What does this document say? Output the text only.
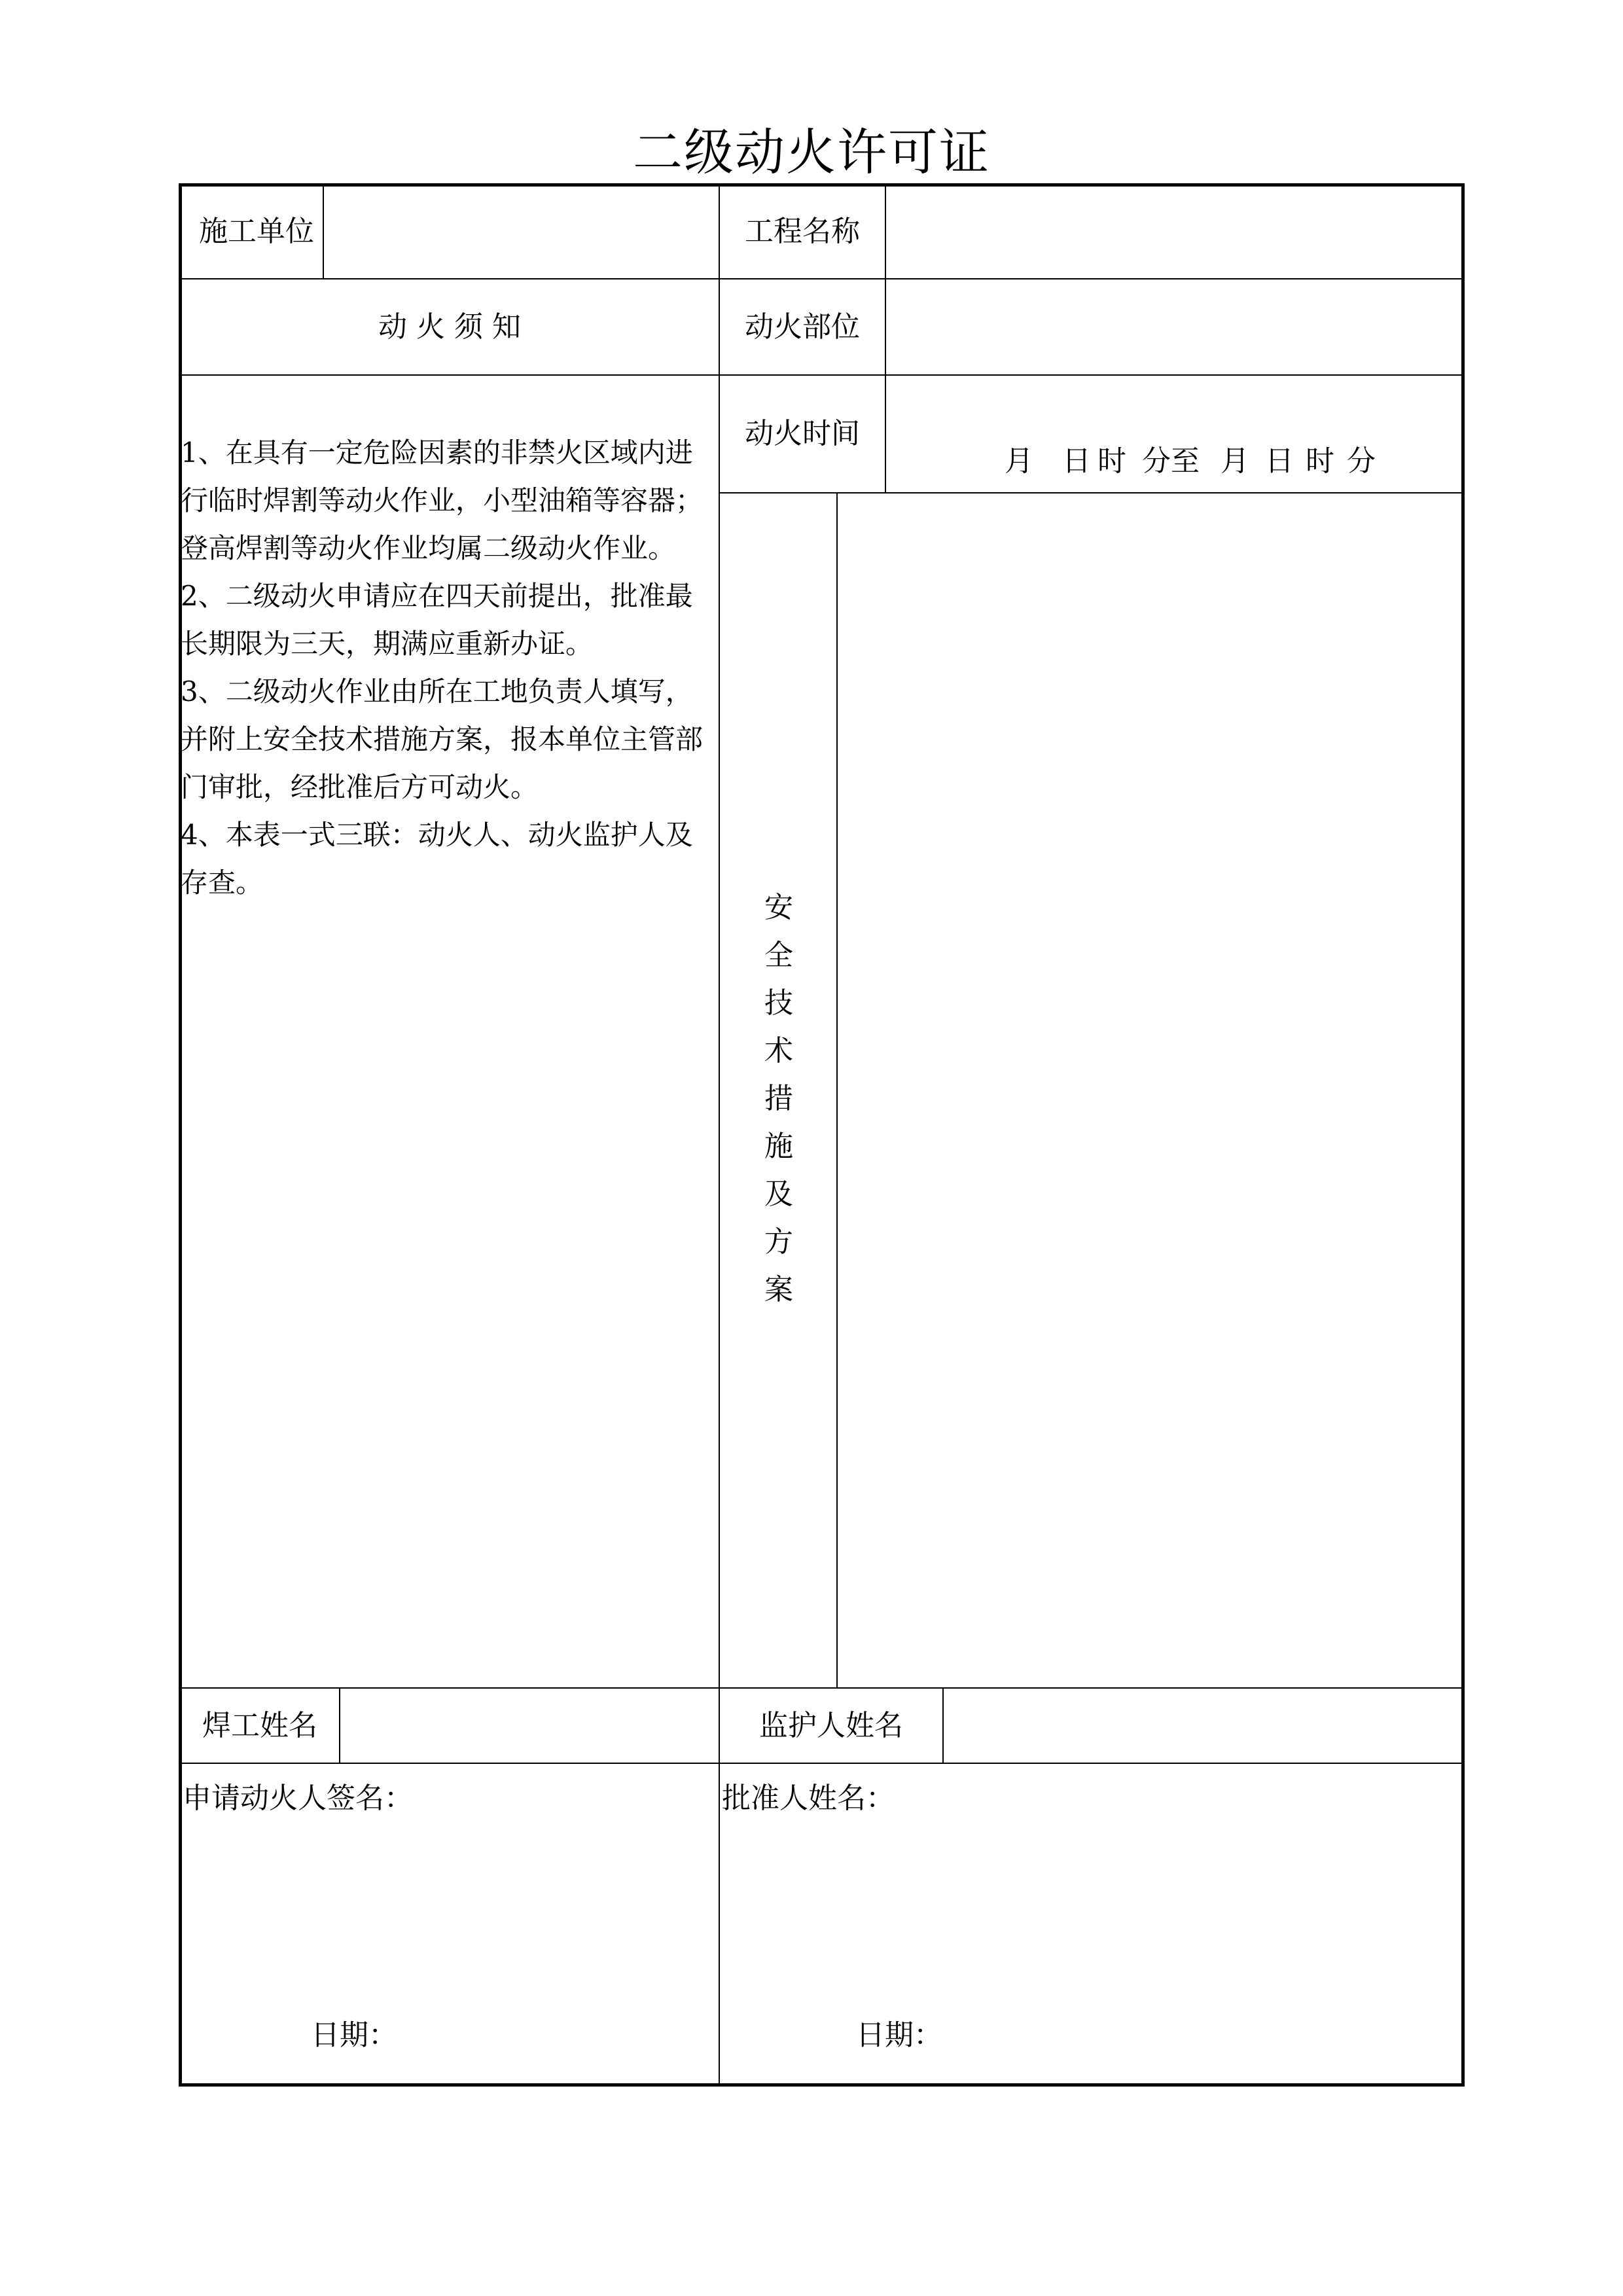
二级动火许可证
施工单位	工程名称
动 火 须 知	动火部位
动火时间
月 日 时 分至 月 日 时 分

1、在具有一定危险因素的非禁火区域内进行临时焊割等动火作业，小型油箱等容器；登高焊割等动火作业均属二级动火作业。

2、二级动火申请应在四天前提出，批准最长期限为三天，期满应重新办证。

3、二级动火作业由所在工地负责人填写，并附上安全技术措施方案，报本单位主管部门审批，经批准后方可动火。

4、本表一式三联：动火人、动火监护人及存查。

安
全
技
术
措
施
及
方
案
焊工姓名	监护人姓名
申请动火人签名：	批准人姓名：
日期：	日期：
